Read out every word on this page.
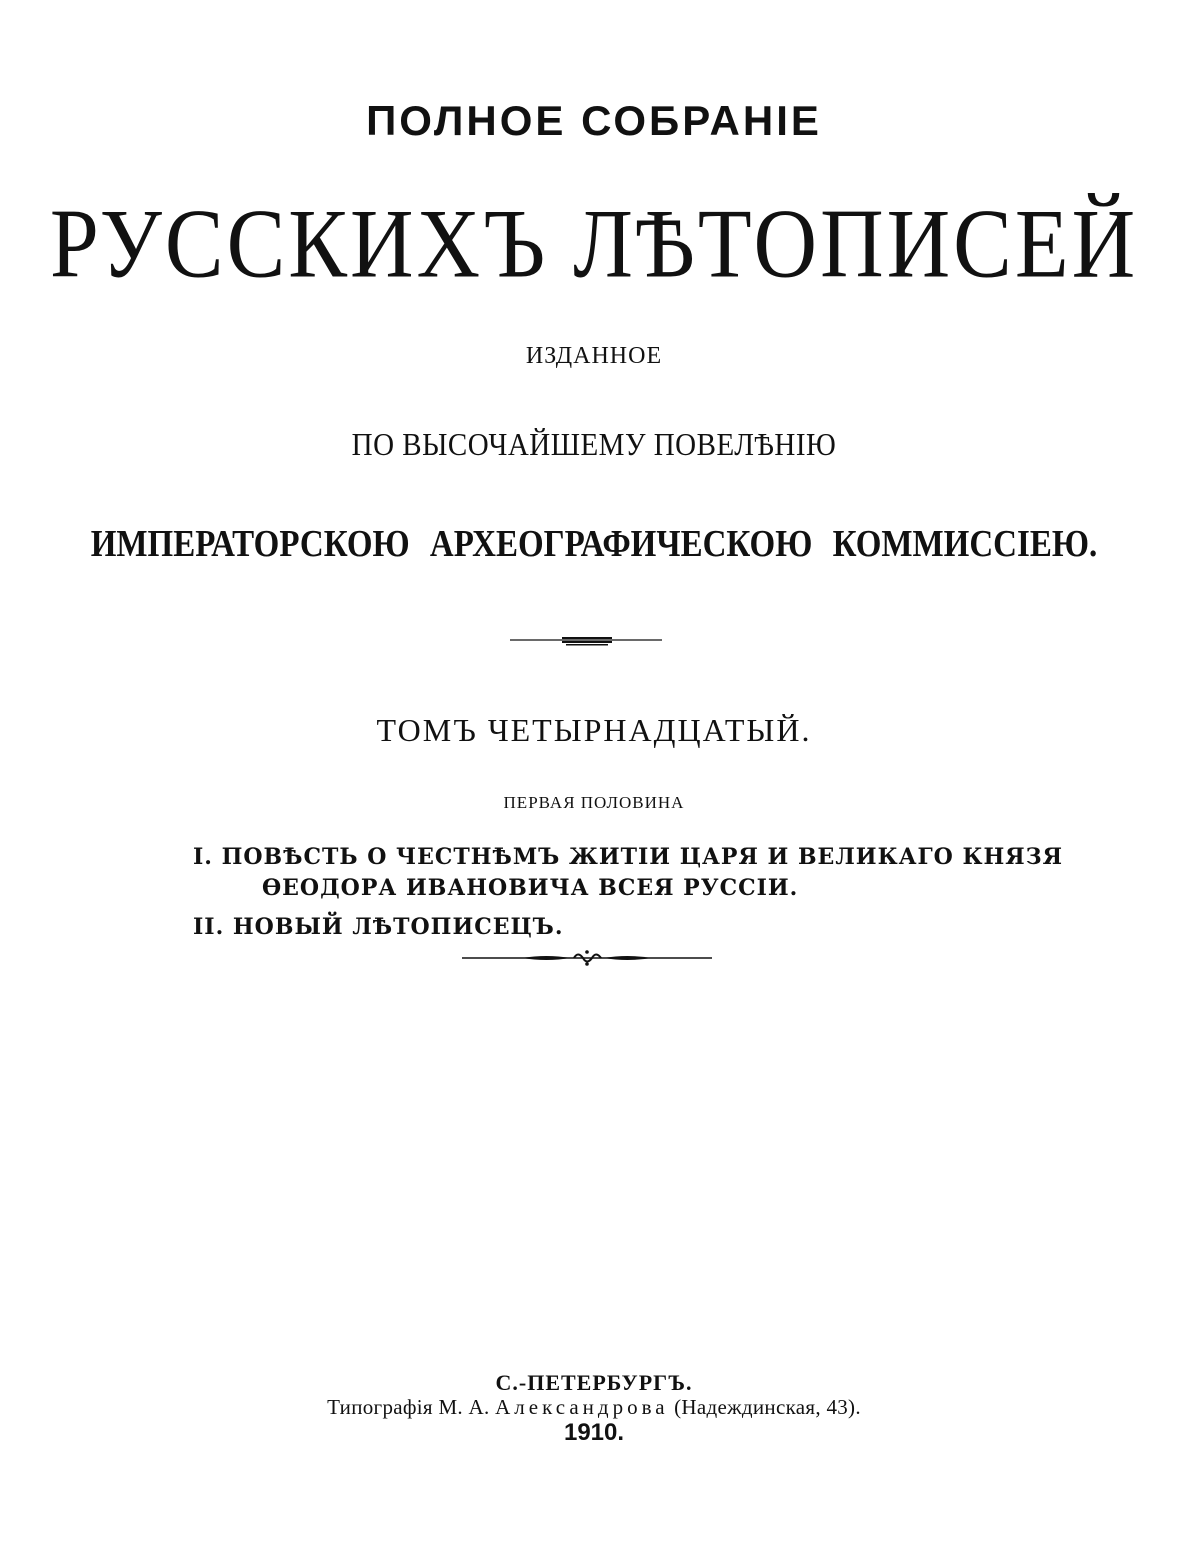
ПОЛНОЕ СОБРАНІЕ
РУССКИХЪ ЛѢТОПИСЕЙ
ИЗДАННОЕ
ПО ВЫСОЧАЙШЕМУ ПОВЕЛѢНІЮ
ИМПЕРАТОРСКОЮ АРХЕОГРАФИЧЕСКОЮ КОММИССІЕЮ.
ТОМЪ ЧЕТЫРНАДЦАТЫЙ.
ПЕРВАЯ ПОЛОВИНА
I. ПОВѢСТЬ О ЧЕСТНѢМЪ ЖИТІИ ЦАРЯ И ВЕЛИКАГО КНЯЗЯ
ѲЕОДОРА ИВАНОВИЧА ВСЕЯ РУССІИ.
II. НОВЫЙ ЛѢТОПИСЕЦЪ.
С.-ПЕТЕРБУРГЪ.
Типографія М. А. Александрова (Надеждинская, 43).
1910.
